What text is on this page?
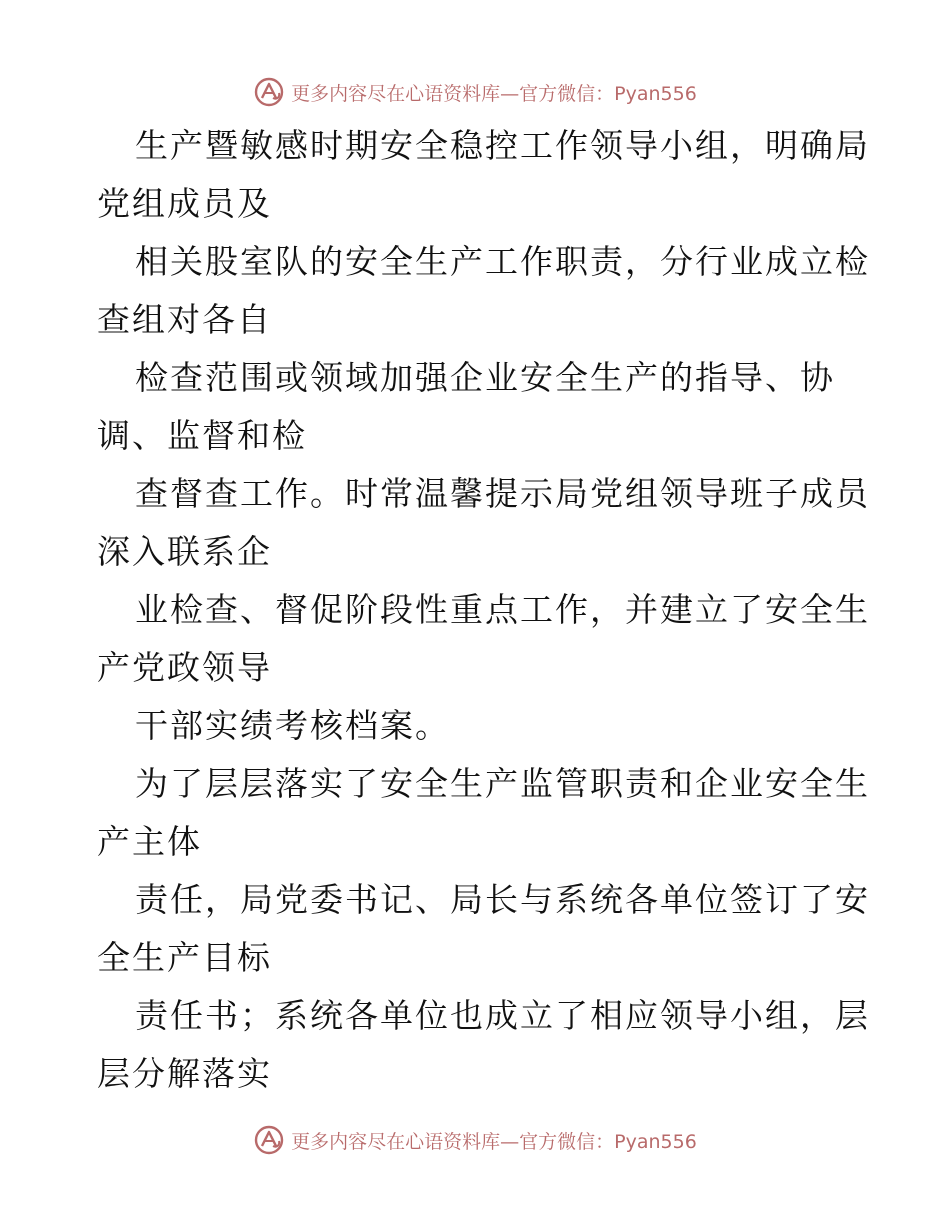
更多内容尽在心语资料库—官方微信：Pyan556
生产暨敏感时期安全稳控工作领导小组，明确局
党组成员及
相关股室队的安全生产工作职责，分行业成立检
查组对各自
检查范围或领域加强企业安全生产的指导、协
调、监督和检
查督查工作。时常温馨提示局党组领导班子成员
深入联系企
业检查、督促阶段性重点工作，并建立了安全生
产党政领导
干部实绩考核档案。
为了层层落实了安全生产监管职责和企业安全生
产主体
责任，局党委书记、局长与系统各单位签订了安
全生产目标
责任书；系统各单位也成立了相应领导小组，层
层分解落实
更多内容尽在心语资料库—官方微信：Pyan556
